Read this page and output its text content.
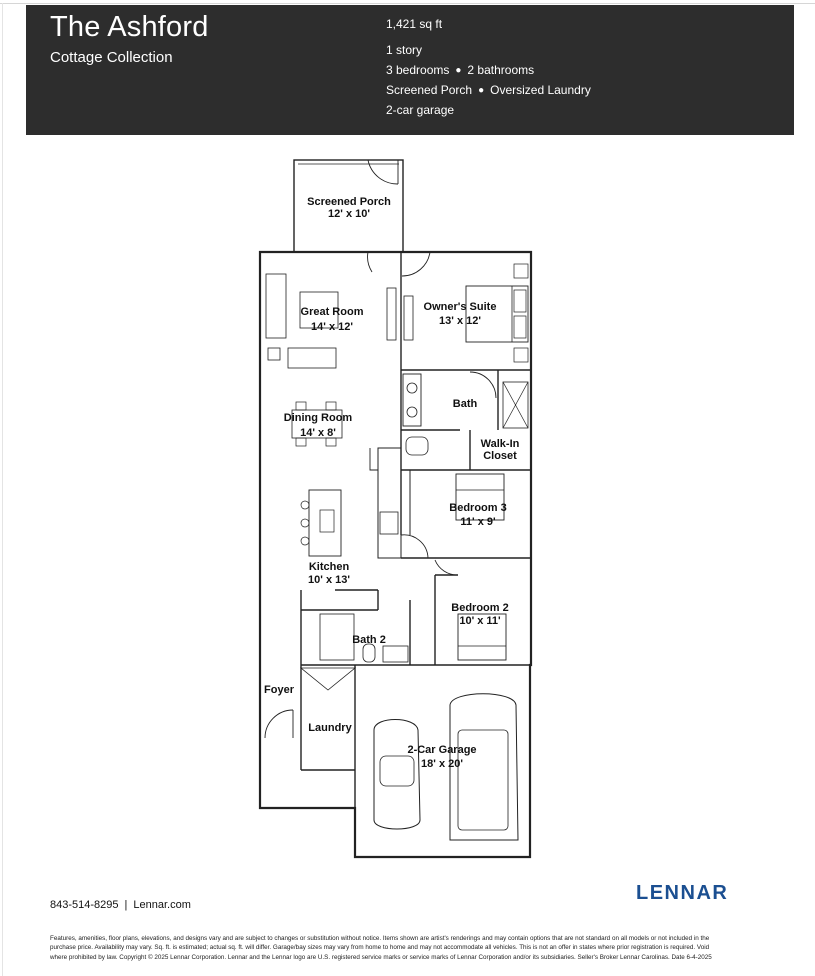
The Ashford
Cottage Collection
1,421 sq ft
1 story
3 bedrooms ● 2 bathrooms
Screened Porch ● Oversized Laundry
2-car garage
Screened Porch
12' x 10'
Great Room
14' x 12'
Owner's Suite
13' x 12'
Bath
Walk-In
Closet
Dining Room
14' x 8'
Bedroom 3
11' x 9'
Kitchen
10' x 13'
Bedroom 2
10' x 11'
Bath 2
Foyer
Laundry
2-Car Garage
18' x 20'
843-514-8295 | Lennar.com
LENNAR
Features, amenities, floor plans, elevations, and designs vary and are subject to changes or substitution without notice. Items shown are artist's renderings and may contain options that are not standard on all models or not included in the purchase price. Availability may vary. Sq. ft. is estimated; actual sq. ft. will differ. Garage/bay sizes may vary from home to home and may not accommodate all vehicles. This is not an offer in states where prior registration is required. Void where prohibited by law. Copyright © 2025 Lennar Corporation. Lennar and the Lennar logo are U.S. registered service marks or service marks of Lennar Corporation and/or its subsidiaries. Seller's Broker Lennar Carolinas. Date 6-4-2025
